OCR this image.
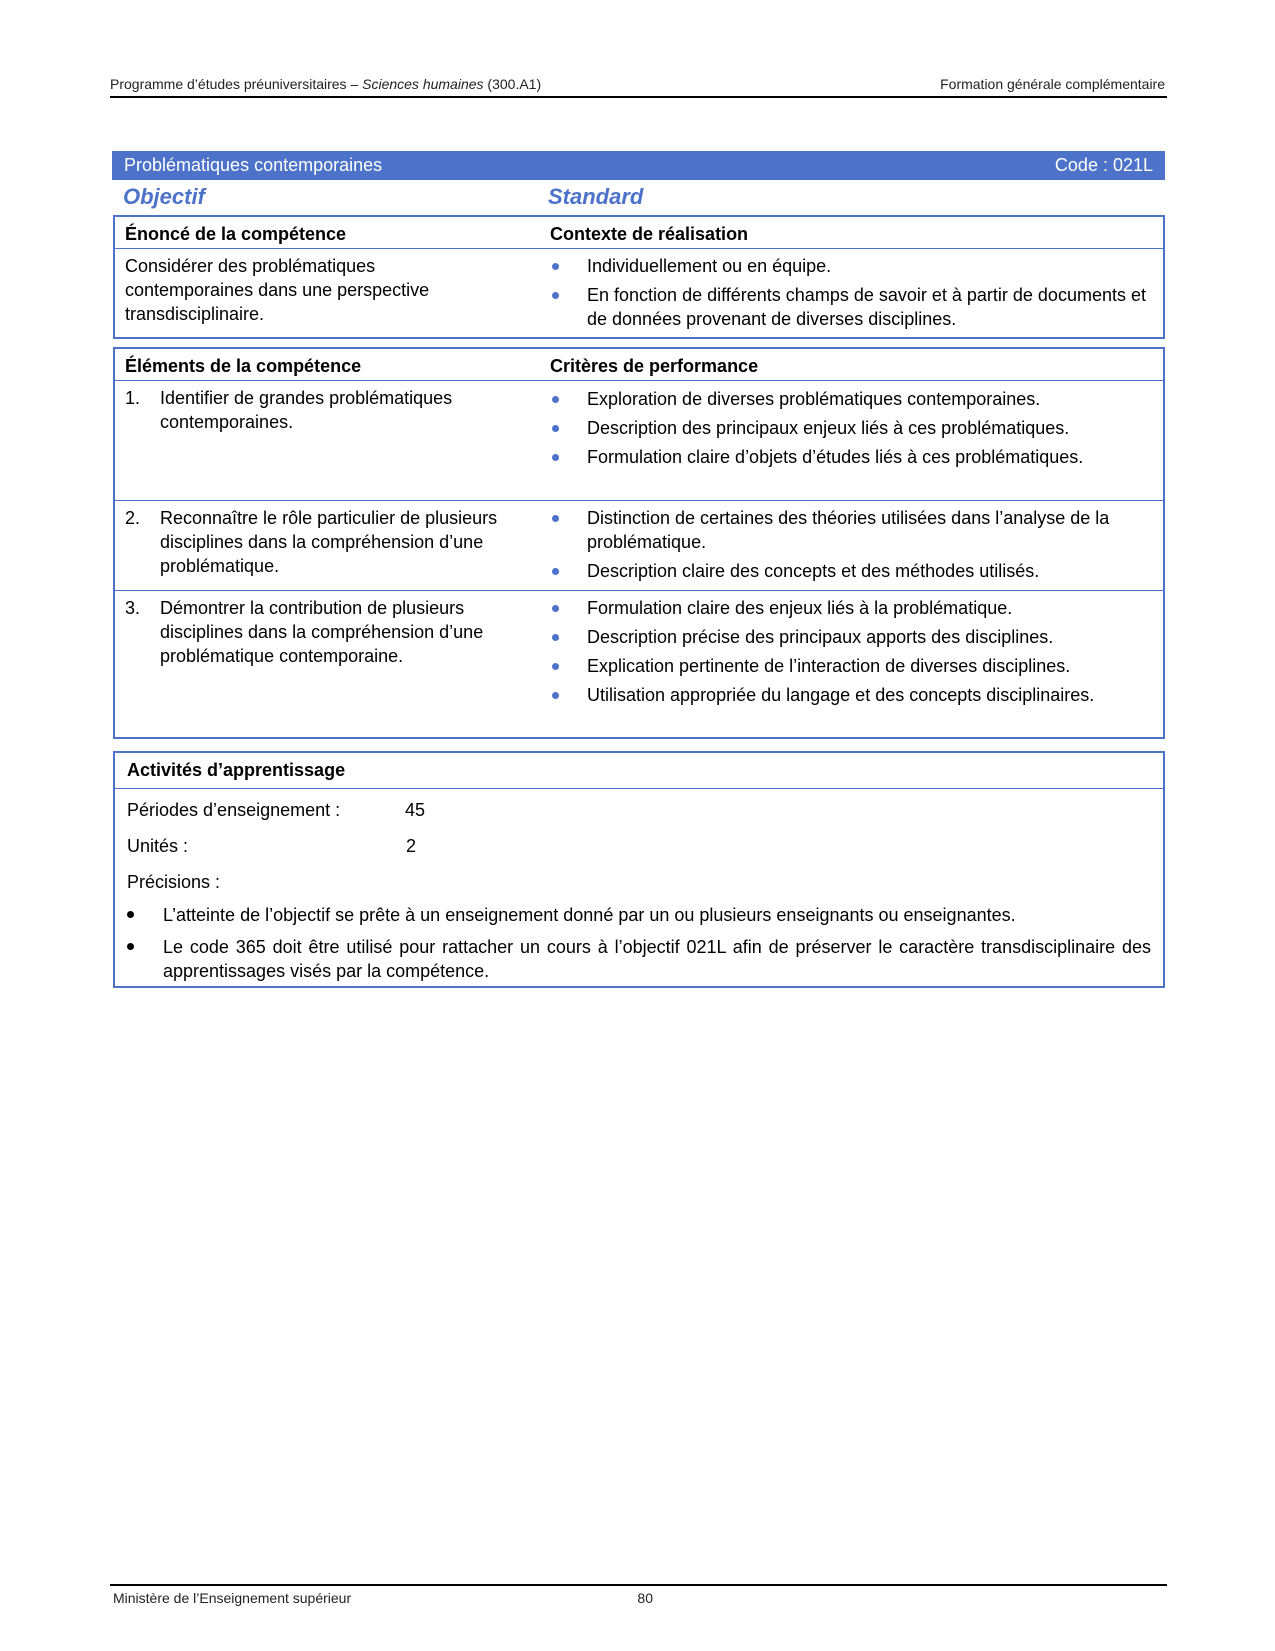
Programme d’études préuniversitaires – Sciences humaines (300.A1)	Formation générale complémentaire
Problématiques contemporaines	Code : 021L
Objectif	Standard
Énoncé de la compétence	Contexte de réalisation
Considérer des problématiques contemporaines dans une perspective transdisciplinaire.
Individuellement ou en équipe.
En fonction de différents champs de savoir et à partir de documents et de données provenant de diverses disciplines.
Éléments de la compétence	Critères de performance
1.	Identifier de grandes problématiques contemporaines.
Exploration de diverses problématiques contemporaines.
Description des principaux enjeux liés à ces problématiques.
Formulation claire d’objets d’études liés à ces problématiques.
2.	Reconnaître le rôle particulier de plusieurs disciplines dans la compréhension d’une problématique.
Distinction de certaines des théories utilisées dans l’analyse de la problématique.
Description claire des concepts et des méthodes utilisés.
3.	Démontrer la contribution de plusieurs disciplines dans la compréhension d’une problématique contemporaine.
Formulation claire des enjeux liés à la problématique.
Description précise des principaux apports des disciplines.
Explication pertinente de l’interaction de diverses disciplines.
Utilisation appropriée du langage et des concepts disciplinaires.
Activités d’apprentissage
Périodes d’enseignement :	45
Unités :	2
Précisions :
L’atteinte de l’objectif se prête à un enseignement donné par un ou plusieurs enseignants ou enseignantes.
Le code 365 doit être utilisé pour rattacher un cours à l’objectif 021L afin de préserver le caractère transdisciplinaire des apprentissages visés par la compétence.
Ministère de l’Enseignement supérieur	80
